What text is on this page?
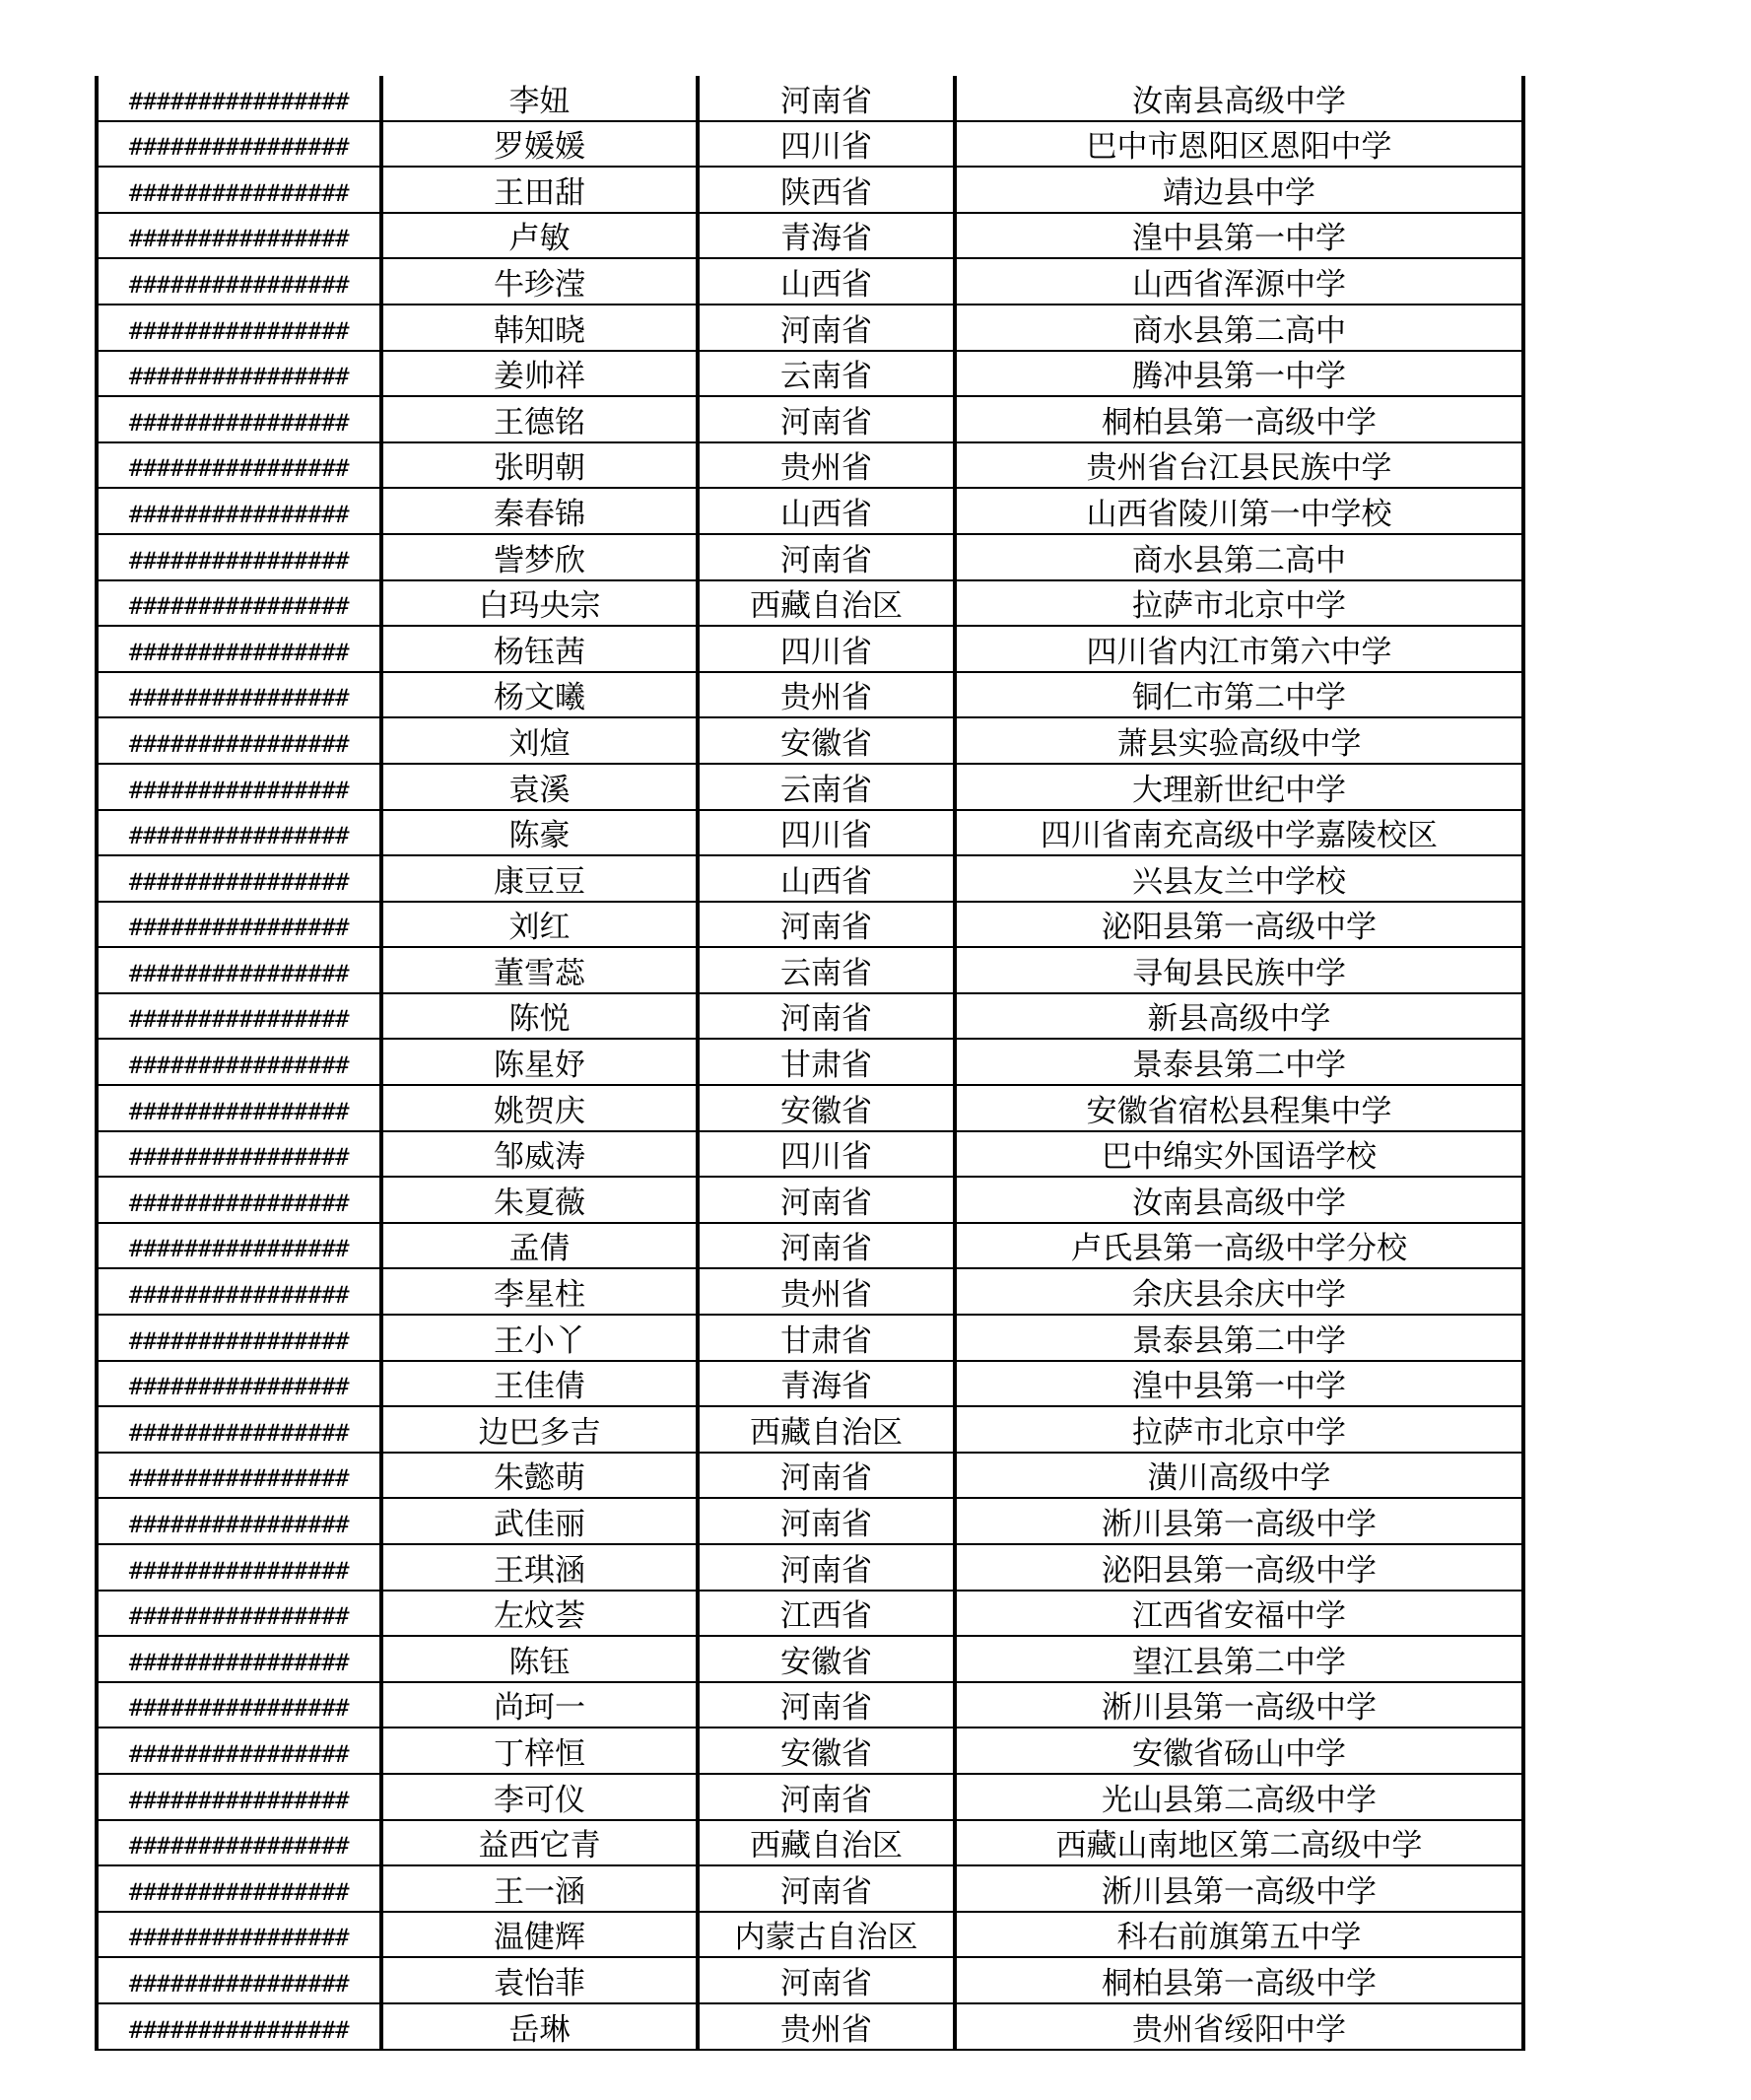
################	李妞	河南省	汝南县高级中学
################	罗媛媛	四川省	巴中市恩阳区恩阳中学
################	王田甜	陕西省	靖边县中学
################	卢敏	青海省	湟中县第一中学
################	牛珍滢	山西省	山西省浑源中学
################	韩知晓	河南省	商水县第二高中
################	姜帅祥	云南省	腾冲县第一中学
################	王德铭	河南省	桐柏县第一高级中学
################	张明朝	贵州省	贵州省台江县民族中学
################	秦春锦	山西省	山西省陵川第一中学校
################	訾梦欣	河南省	商水县第二高中
################	白玛央宗	西藏自治区	拉萨市北京中学
################	杨钰茜	四川省	四川省内江市第六中学
################	杨文曦	贵州省	铜仁市第二中学
################	刘煊	安徽省	萧县实验高级中学
################	袁溪	云南省	大理新世纪中学
################	陈豪	四川省	四川省南充高级中学嘉陵校区
################	康豆豆	山西省	兴县友兰中学校
################	刘红	河南省	泌阳县第一高级中学
################	董雪蕊	云南省	寻甸县民族中学
################	陈悦	河南省	新县高级中学
################	陈星妤	甘肃省	景泰县第二中学
################	姚贺庆	安徽省	安徽省宿松县程集中学
################	邹威涛	四川省	巴中绵实外国语学校
################	朱夏薇	河南省	汝南县高级中学
################	孟倩	河南省	卢氏县第一高级中学分校
################	李星柱	贵州省	余庆县余庆中学
################	王小丫	甘肃省	景泰县第二中学
################	王佳倩	青海省	湟中县第一中学
################	边巴多吉	西藏自治区	拉萨市北京中学
################	朱懿萌	河南省	潢川高级中学
################	武佳丽	河南省	淅川县第一高级中学
################	王琪涵	河南省	泌阳县第一高级中学
################	左炆荟	江西省	江西省安福中学
################	陈钰	安徽省	望江县第二中学
################	尚珂一	河南省	淅川县第一高级中学
################	丁梓恒	安徽省	安徽省砀山中学
################	李可仪	河南省	光山县第二高级中学
################	益西它青	西藏自治区	西藏山南地区第二高级中学
################	王一涵	河南省	淅川县第一高级中学
################	温健辉	内蒙古自治区	科右前旗第五中学
################	袁怡菲	河南省	桐柏县第一高级中学
################	岳琳	贵州省	贵州省绥阳中学
